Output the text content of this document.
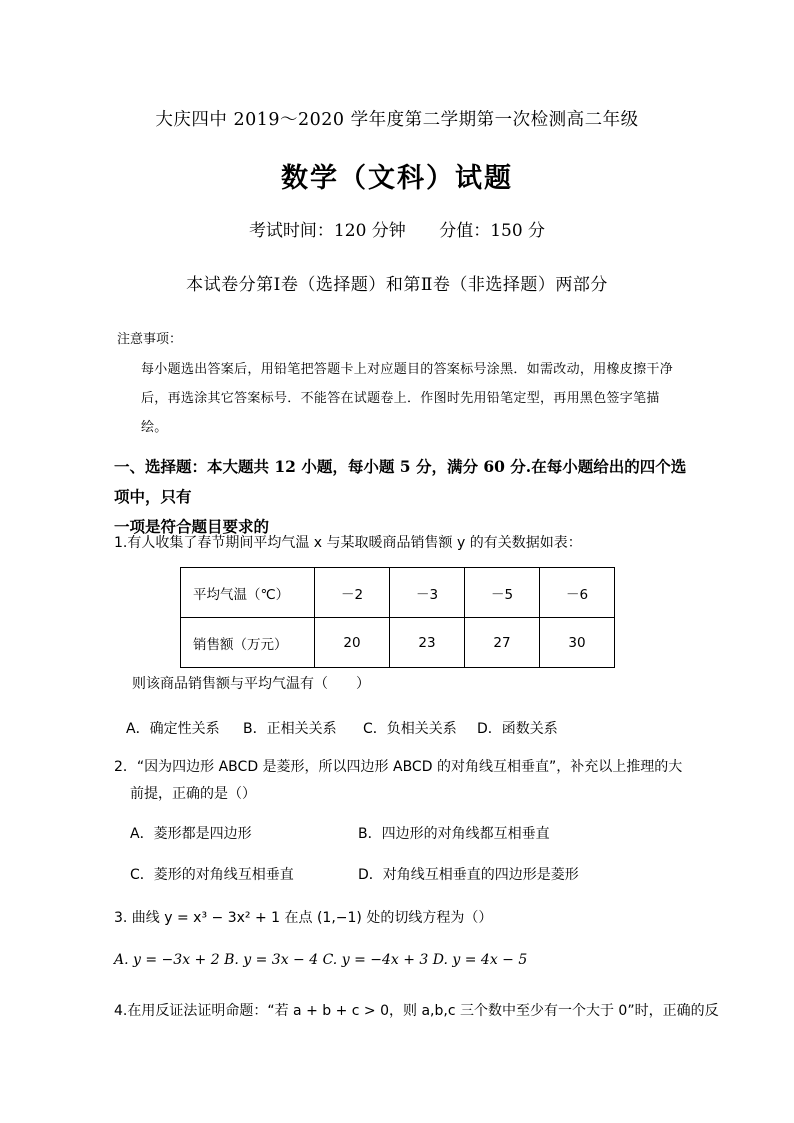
大庆四中 2019～2020 学年度第二学期第一次检测高二年级
数学（文科）试题
考试时间：120 分钟 分值：150 分
本试卷分第Ⅰ卷（选择题）和第Ⅱ卷（非选择题）两部分
注意事项：
每小题选出答案后，用铅笔把答题卡上对应题目的答案标号涂黑．如需改动，用橡皮擦干净后，再选涂其它答案标号．不能答在试题卷上．作图时先用铅笔定型，再用黑色签字笔描绘。
一、选择题：本大题共 12 小题，每小题 5 分，满分 60 分.在每小题给出的四个选项中，只有
一项是符合题目要求的
1.有人收集了春节期间平均气温 x 与某取暖商品销售额 y 的有关数据如表：
平均气温（℃）	－2	－3	－5	－6
销售额（万元）	20	23	27	30
则该商品销售额与平均气温有（　　）
A．确定性关系 B．正相关关系 C．负相关关系 D．函数关系
2．“因为四边形 ABCD 是菱形，所以四边形 ABCD 的对角线互相垂直”，补充以上推理的大
前提，正确的是（）
A．菱形都是四边形	B．四边形的对角线都互相垂直
C．菱形的对角线互相垂直	D．对角线互相垂直的四边形是菱形
3. 曲线 y = x³ − 3x² + 1 在点 (1,−1) 处的切线方程为（）
A. y = −3x + 2 B. y = 3x − 4 C. y = −4x + 3 D. y = 4x − 5
4.在用反证法证明命题：“若 a + b + c > 0，则 a,b,c 三个数中至少有一个大于 0”时，正确的反
